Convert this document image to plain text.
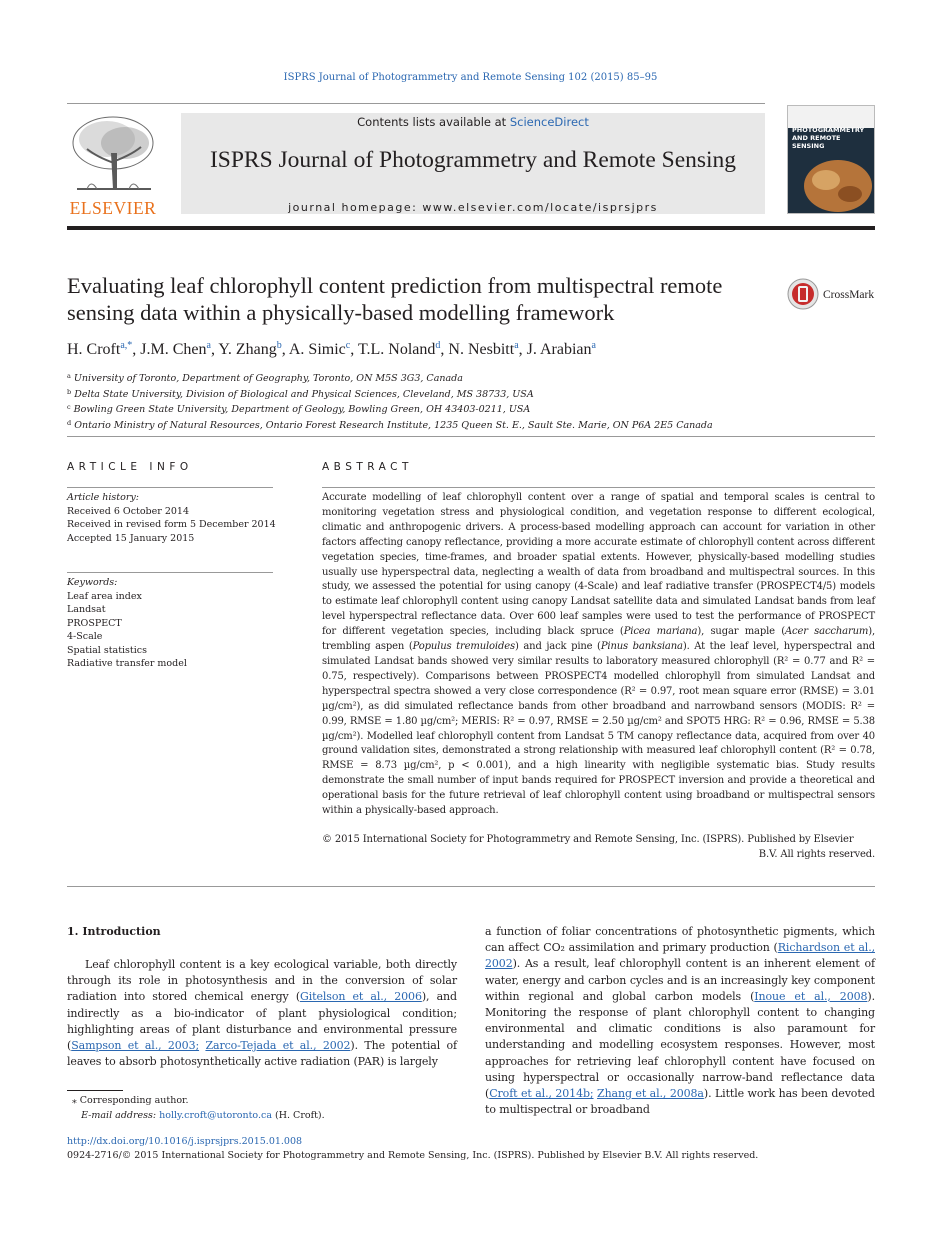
ISPRS Journal of Photogrammetry and Remote Sensing 102 (2015) 85–95
ELSEVIER
Contents lists available at ScienceDirect
ISPRS Journal of Photogrammetry and Remote Sensing
journal homepage: www.elsevier.com/locate/isprsjprs
PHOTOGRAMMETRY AND REMOTE SENSING
Evaluating leaf chlorophyll content prediction from multispectral remote sensing data within a physically-based modelling framework
CrossMark
H. Croft$^{a,*}$, J.M. Chen$^a$, Y. Zhang$^b$, A. Simic$^c$, T.L. Noland$^d$, N. Nesbitt$^a$, J. Arabian$^a$
$^a$ University of Toronto, Department of Geography, Toronto, ON M5S 3G3, Canada
$^b$ Delta State University, Division of Biological and Physical Sciences, Cleveland, MS 38733, USA
$^c$ Bowling Green State University, Department of Geology, Bowling Green, OH 43403-0211, USA
$^d$ Ontario Ministry of Natural Resources, Ontario Forest Research Institute, 1235 Queen St. E., Sault Ste. Marie, ON P6A 2E5 Canada
ARTICLE INFO
Article history:
Received 6 October 2014
Received in revised form 5 December 2014
Accepted 15 January 2015
Keywords:
Leaf area index
Landsat
PROSPECT
4-Scale
Spatial statistics
Radiative transfer model
ABSTRACT
Accurate modelling of leaf chlorophyll content over a range of spatial and temporal scales is central to monitoring vegetation stress and physiological condition, and vegetation response to different ecological, climatic and anthropogenic drivers. A process-based modelling approach can account for variation in other factors affecting canopy reflectance, providing a more accurate estimate of chlorophyll content across different vegetation species, time-frames, and broader spatial extents. However, physically-based modelling studies usually use hyperspectral data, neglecting a wealth of data from broadband and multispectral sources. In this study, we assessed the potential for using canopy (4-Scale) and leaf radiative transfer (PROSPECT4/5) models to estimate leaf chlorophyll content using canopy Landsat satellite data and simulated Landsat bands from leaf level hyperspectral reflectance data. Over 600 leaf samples were used to test the performance of PROSPECT for different vegetation species, including black spruce (Picea mariana), sugar maple (Acer saccharum), trembling aspen (Populus tremuloides) and jack pine (Pinus banksiana). At the leaf level, hyperspectral and simulated Landsat bands showed very similar results to laboratory measured chlorophyll (R² = 0.77 and R² = 0.75, respectively). Comparisons between PROSPECT4 modelled chlorophyll from simulated Landsat and hyperspectral spectra showed a very close correspondence (R² = 0.97, root mean square error (RMSE) = 3.01 µg/cm²), as did simulated reflectance bands from other broadband and narrowband sensors (MODIS: R² = 0.99, RMSE = 1.80 µg/cm²; MERIS: R² = 0.97, RMSE = 2.50 µg/cm² and SPOT5 HRG: R² = 0.96, RMSE = 5.38 µg/cm²). Modelled leaf chlorophyll content from Landsat 5 TM canopy reflectance data, acquired from over 40 ground validation sites, demonstrated a strong relationship with measured leaf chlorophyll content (R² = 0.78, RMSE = 8.73 µg/cm², p < 0.001), and a high linearity with negligible systematic bias. Study results demonstrate the small number of input bands required for PROSPECT inversion and provide a theoretical and operational basis for the future retrieval of leaf chlorophyll content using broadband or multispectral sensors within a physically-based approach.
© 2015 International Society for Photogrammetry and Remote Sensing, Inc. (ISPRS). Published by Elsevier
B.V. All rights reserved.
1. Introduction
Leaf chlorophyll content is a key ecological variable, both directly through its role in photosynthesis and in the conversion of solar radiation into stored chemical energy (Gitelson et al., 2006), and indirectly as a bio-indicator of plant physiological condition; highlighting areas of plant disturbance and environmental pressure (Sampson et al., 2003; Zarco-Tejada et al., 2002). The potential of leaves to absorb photosynthetically active radiation (PAR) is largely
a function of foliar concentrations of photosynthetic pigments, which can affect CO₂ assimilation and primary production (Richardson et al., 2002). As a result, leaf chlorophyll content is an inherent element of water, energy and carbon cycles and is an increasingly key component within regional and global carbon models (Inoue et al., 2008). Monitoring the response of plant chlorophyll content to changing environmental and climatic conditions is also paramount for understanding and modelling ecosystem responses. However, most approaches for retrieving leaf chlorophyll content have focused on using hyperspectral or occasionally narrow-band reflectance data (Croft et al., 2014b; Zhang et al., 2008a). Little work has been devoted to multispectral or broadband
⁎ Corresponding author.
E-mail address: holly.croft@utoronto.ca (H. Croft).
http://dx.doi.org/10.1016/j.isprsjprs.2015.01.008
0924-2716/© 2015 International Society for Photogrammetry and Remote Sensing, Inc. (ISPRS). Published by Elsevier B.V. All rights reserved.
